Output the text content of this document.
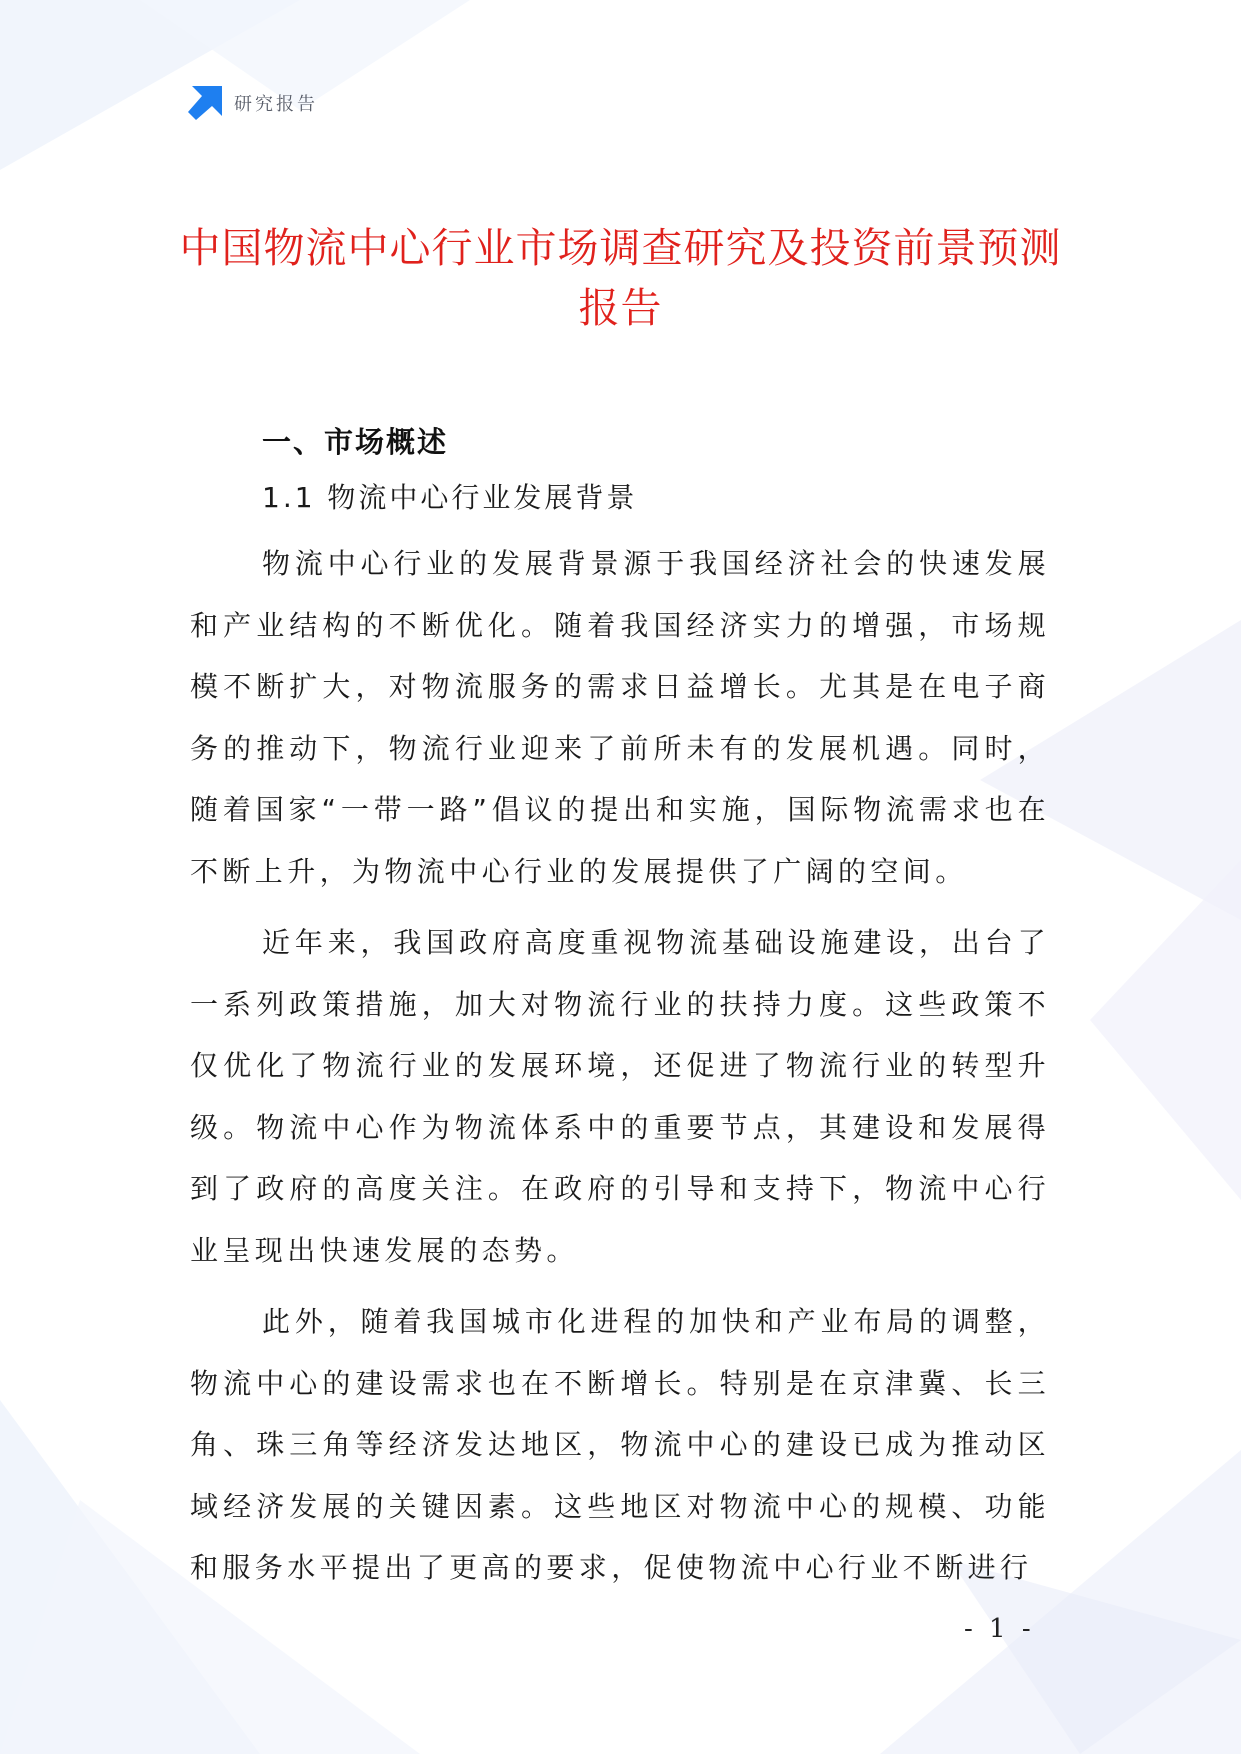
研究报告
中国物流中心行业市场调查研究及投资前景预测报告
一、市场概述
1.1 物流中心行业发展背景

物流中心行业的发展背景源于我国经济社会的快速发展和产业结构的不断优化。随着我国经济实力的增强，市场规模不断扩大，对物流服务的需求日益增长。尤其是在电子商务的推动下，物流行业迎来了前所未有的发展机遇。同时，随着国家“一带一路”倡议的提出和实施，国际物流需求也在不断上升，为物流中心行业的发展提供了广阔的空间。

近年来，我国政府高度重视物流基础设施建设，出台了一系列政策措施，加大对物流行业的扶持力度。这些政策不仅优化了物流行业的发展环境，还促进了物流行业的转型升级。物流中心作为物流体系中的重要节点，其建设和发展得到了政府的高度关注。在政府的引导和支持下，物流中心行业呈现出快速发展的态势。

此外，随着我国城市化进程的加快和产业布局的调整，物流中心的建设需求也在不断增长。特别是在京津冀、长三角、珠三角等经济发达地区，物流中心的建设已成为推动区域经济发展的关键因素。这些地区对物流中心的规模、功能和服务水平提出了更高的要求，促使物流中心行业不断进行

- 1 -
